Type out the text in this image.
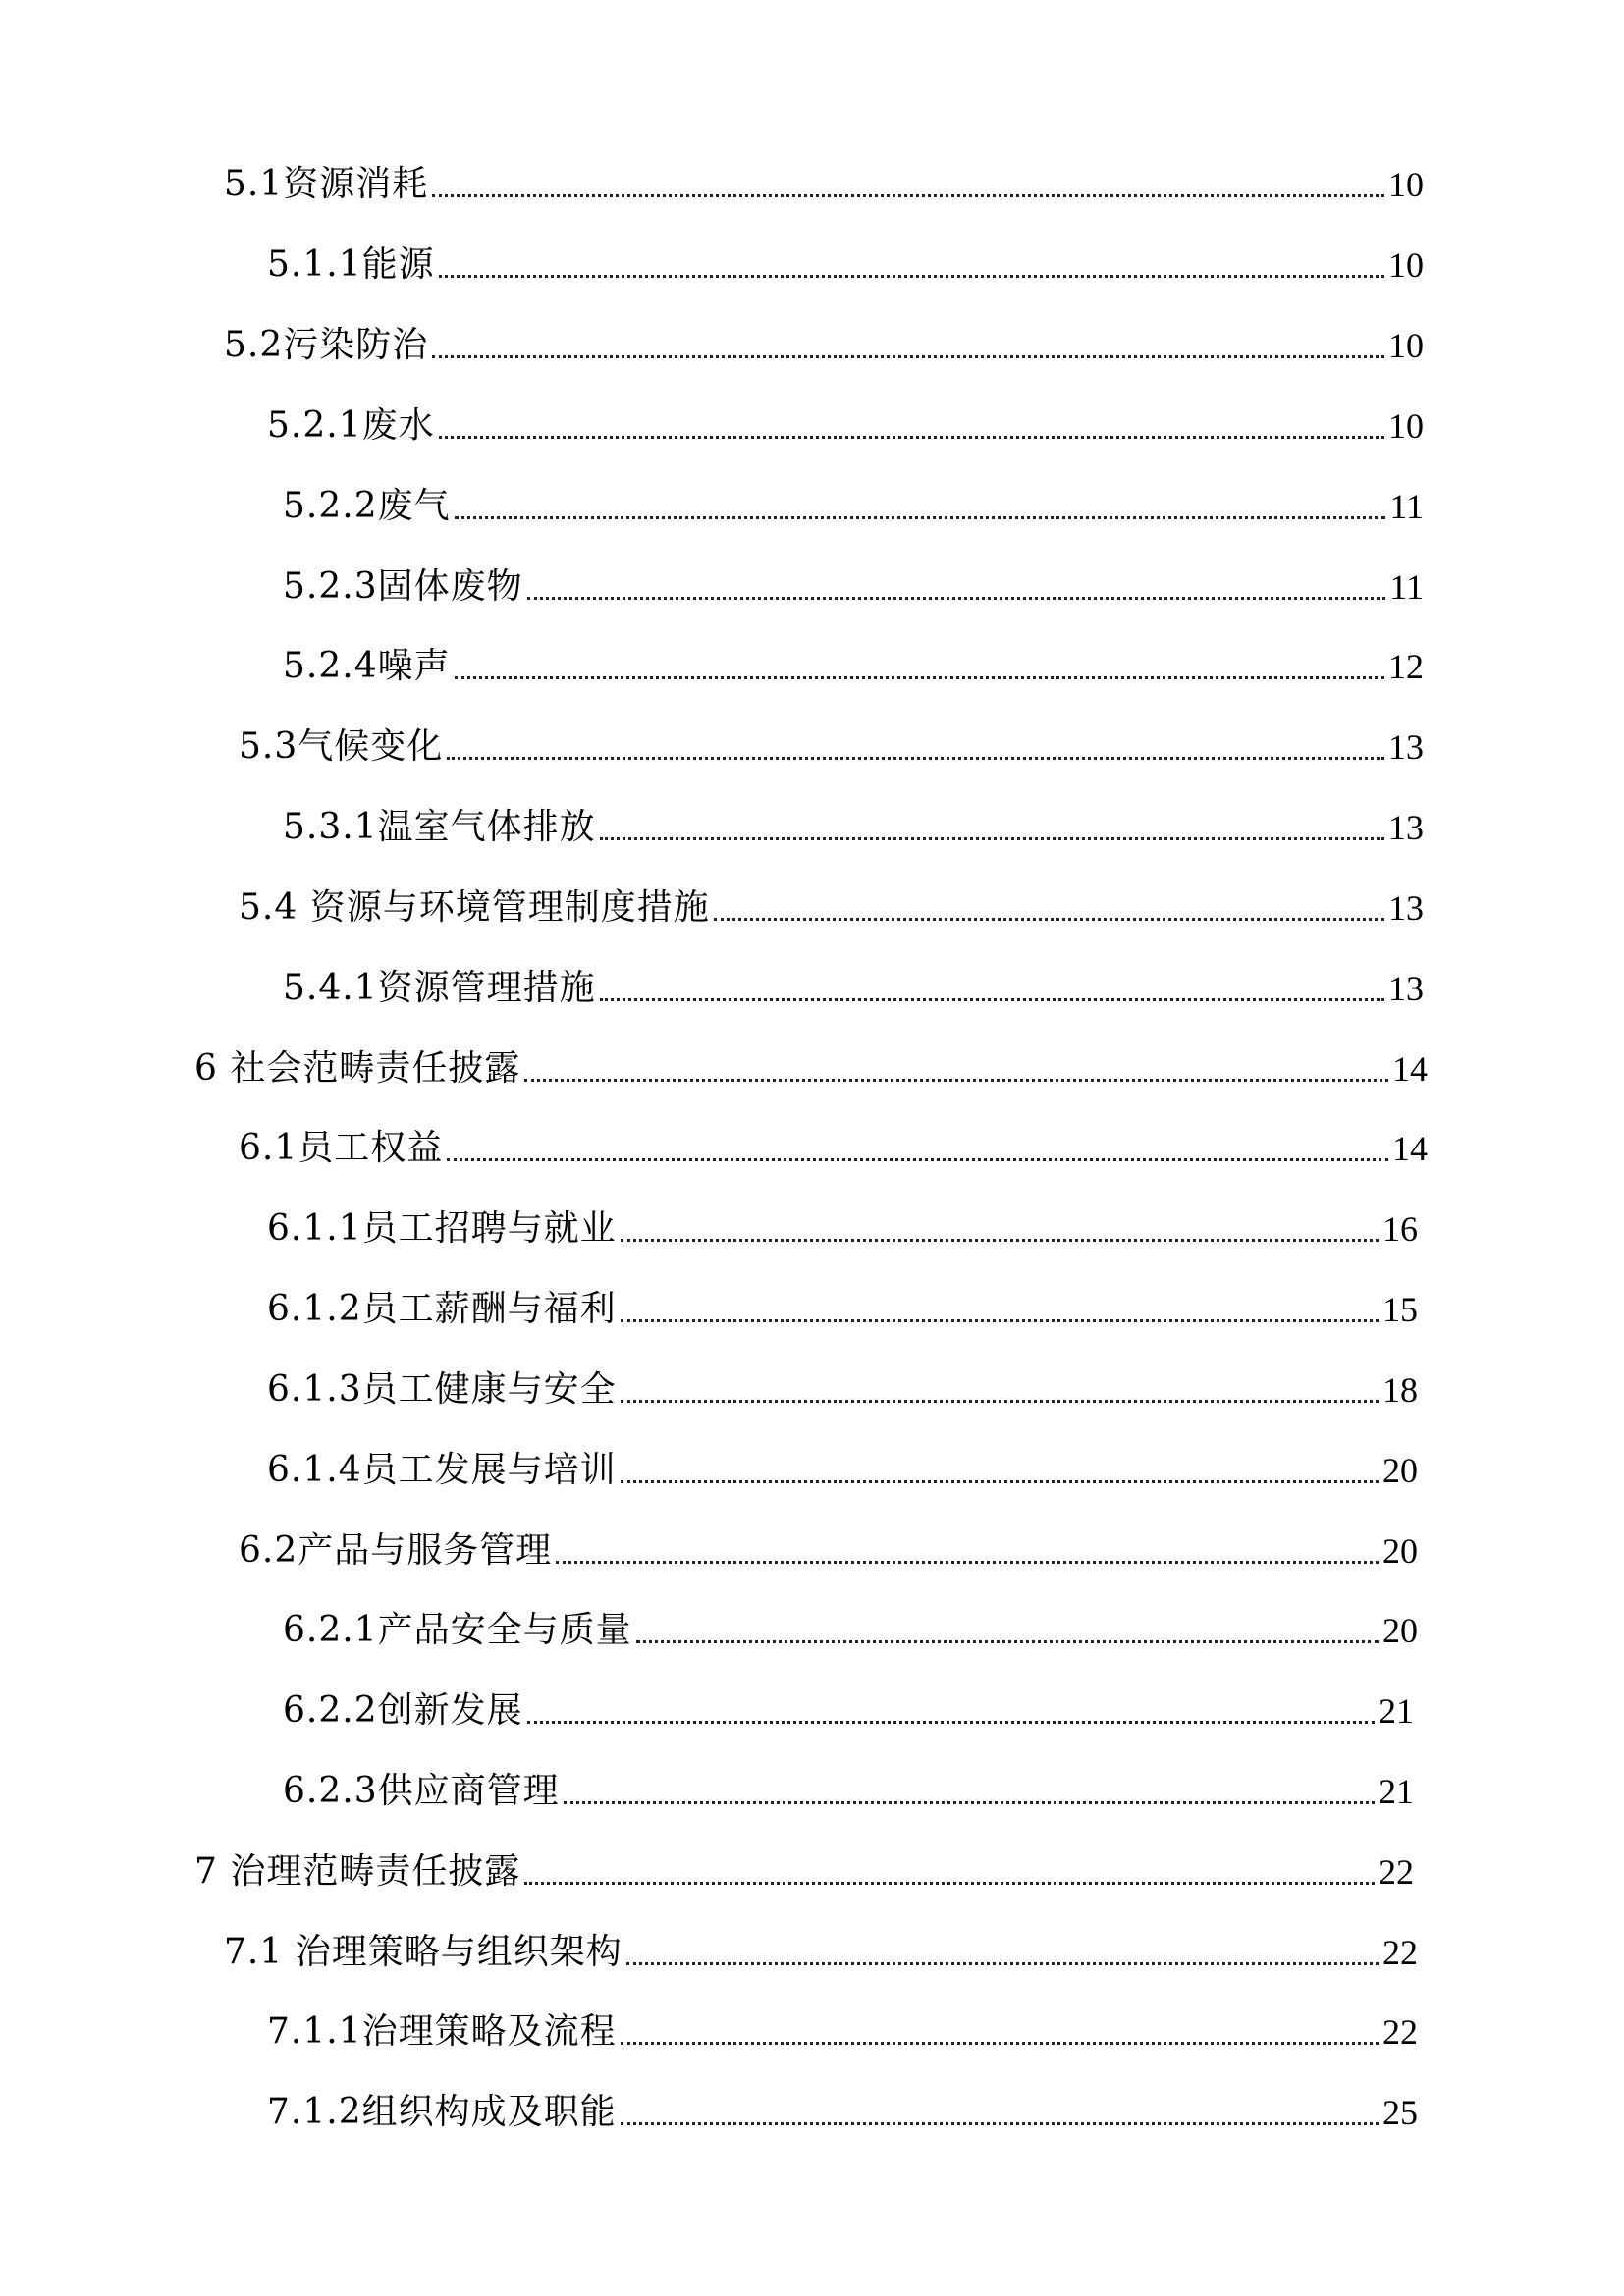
5.1资源消耗	10
5.1.1能源	10
5.2污染防治	10
5.2.1废水	10
5.2.2废气	11
5.2.3固体废物	11
5.2.4噪声	12
5.3气候变化	13
5.3.1温室气体排放	13
5.4 资源与环境管理制度措施	13
5.4.1资源管理措施	13
6 社会范畴责任披露	14
6.1员工权益	14
6.1.1员工招聘与就业	16
6.1.2员工薪酬与福利	15
6.1.3员工健康与安全	18
6.1.4员工发展与培训	20
6.2产品与服务管理	20
6.2.1产品安全与质量	20
6.2.2创新发展	21
6.2.3供应商管理	21
7 治理范畴责任披露	22
7.1 治理策略与组织架构	22
7.1.1治理策略及流程	22
7.1.2组织构成及职能	25
